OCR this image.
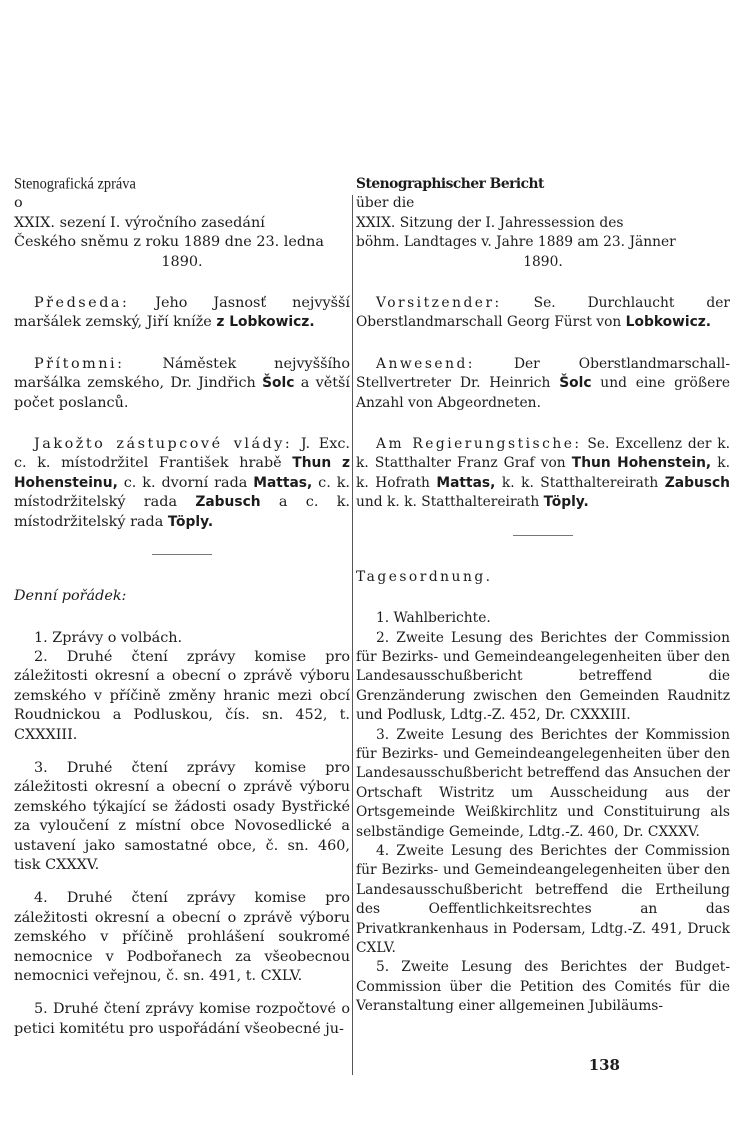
Stenografická zpráva

o

XXIX. sezení I. výročního zasedání

Českého sněmu z roku 1889 dne 23. ledna

1890.

Předseda: Jeho Jasnosť nejvyšší maršálek zemský, Jiří kníže z Lobkowicz.

Přítomni: Náměstek nejvyššího maršálka zemského, Dr. Jindřich Šolc a větší počet poslanců.

Jakožto zástupcové vlády: J. Exc. c. k. místodržitel František hrabě Thun z Hohensteinu, c. k. dvorní rada Mattas, c. k. místodržitelský rada Zabusch a c. k. místodržitelský rada Töply.

Denní pořádek:

1. Zprávy o volbách.

2. Druhé čtení zprávy komise pro záležitosti okresní a obecní o zprávě výboru zemského v příčině změny hranic mezi obcí Roudnickou a Podluskou, čís. sn. 452, t. CXXXIII.

3. Druhé čtení zprávy komise pro záležitosti okresní a obecní o zprávě výboru zemského týkající se žádosti osady Bystřické za vyloučení z místní obce Novosedlické a ustavení jako samostatné obce, č. sn. 460, tisk CXXXV.

4. Druhé čtení zprávy komise pro záležitosti okresní a obecní o zprávě výboru zemského v příčině prohlášení soukromé nemocnice v Podbořanech za všeobecnou nemocnici veřejnou, č. sn. 491, t. CXLV.

5. Druhé čtení zprávy komise rozpočtové o petici komitétu pro uspořádání všeobecné ju-

Stenographischer Bericht

über die

XXIX. Sitzung der I. Jahressession des

böhm. Landtages v. Jahre 1889 am 23. Jänner

1890.

Vorsitzender: Se. Durchlaucht der Oberstlandmarschall Georg Fürst von Lobkowicz.

Anwesend: Der Oberstlandmarschall-Stellvertreter Dr. Heinrich Šolc und eine größere Anzahl von Abgeordneten.

Am Regierungstische: Se. Excellenz der k. k. Statthalter Franz Graf von Thun Hohenstein, k. k. Hofrath Mattas, k. k. Statthaltereirath Zabusch und k. k. Statthaltereirath Töply.

Tagesordnung.

1. Wahlberichte.

2. Zweite Lesung des Berichtes der Commission für Bezirks- und Gemeindeangelegenheiten über den Landesausschußbericht betreffend die Grenzänderung zwischen den Gemeinden Raudnitz und Podlusk, Ldtg.-Z. 452, Dr. CXXXIII.

3. Zweite Lesung des Berichtes der Kommission für Bezirks- und Gemeindeangelegenheiten über den Landesausschußbericht betreffend das Ansuchen der Ortschaft Wistritz um Ausscheidung aus der Ortsgemeinde Weißkirchlitz und Constituirung als selbständige Gemeinde, Ldtg.-Z. 460, Dr. CXXXV.

4. Zweite Lesung des Berichtes der Commission für Bezirks- und Gemeindeangelegenheiten über den Landesausschußbericht betreffend die Ertheilung des Oeffentlichkeitsrechtes an das Privatkrankenhaus in Podersam, Ldtg.-Z. 491, Druck CXLV.

5. Zweite Lesung des Berichtes der Budget-Commission über die Petition des Comités für die Veranstaltung einer allgemeinen Jubiläums-

138
